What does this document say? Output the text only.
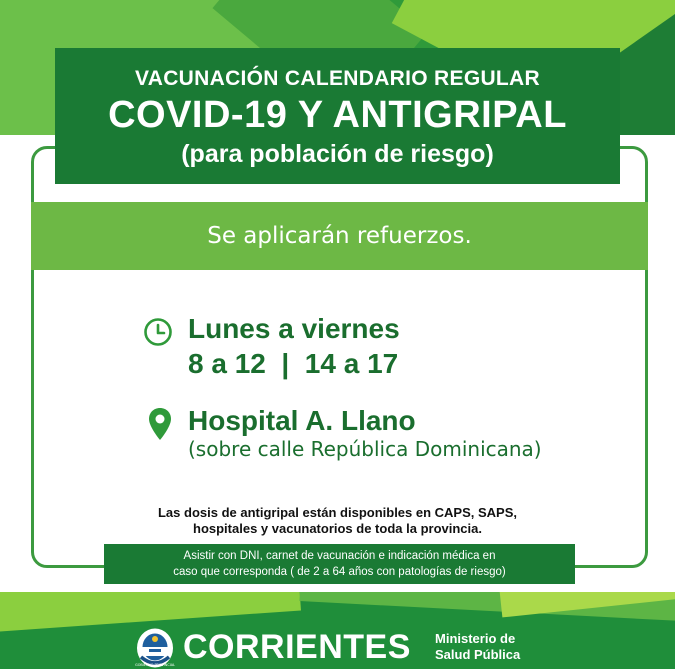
VACUNACIÓN CALENDARIO REGULAR
COVID-19 Y ANTIGRIPAL
(para población de riesgo)
Se aplicarán refuerzos.
Lunes a viernes
8 a 12  |  14 a 17
Hospital A. Llano
(sobre calle República Dominicana)
Las dosis de antigripal están disponibles en CAPS, SAPS,
hospitales y vacunatorios de toda la provincia.
Asistir con DNI, carnet de vacunación e indicación médica en
caso que corresponda ( de 2 a 64 años con patologías de riesgo)
GOBIERNO PROVINCIAL CORRIENTES Ministerio de
Salud Pública
